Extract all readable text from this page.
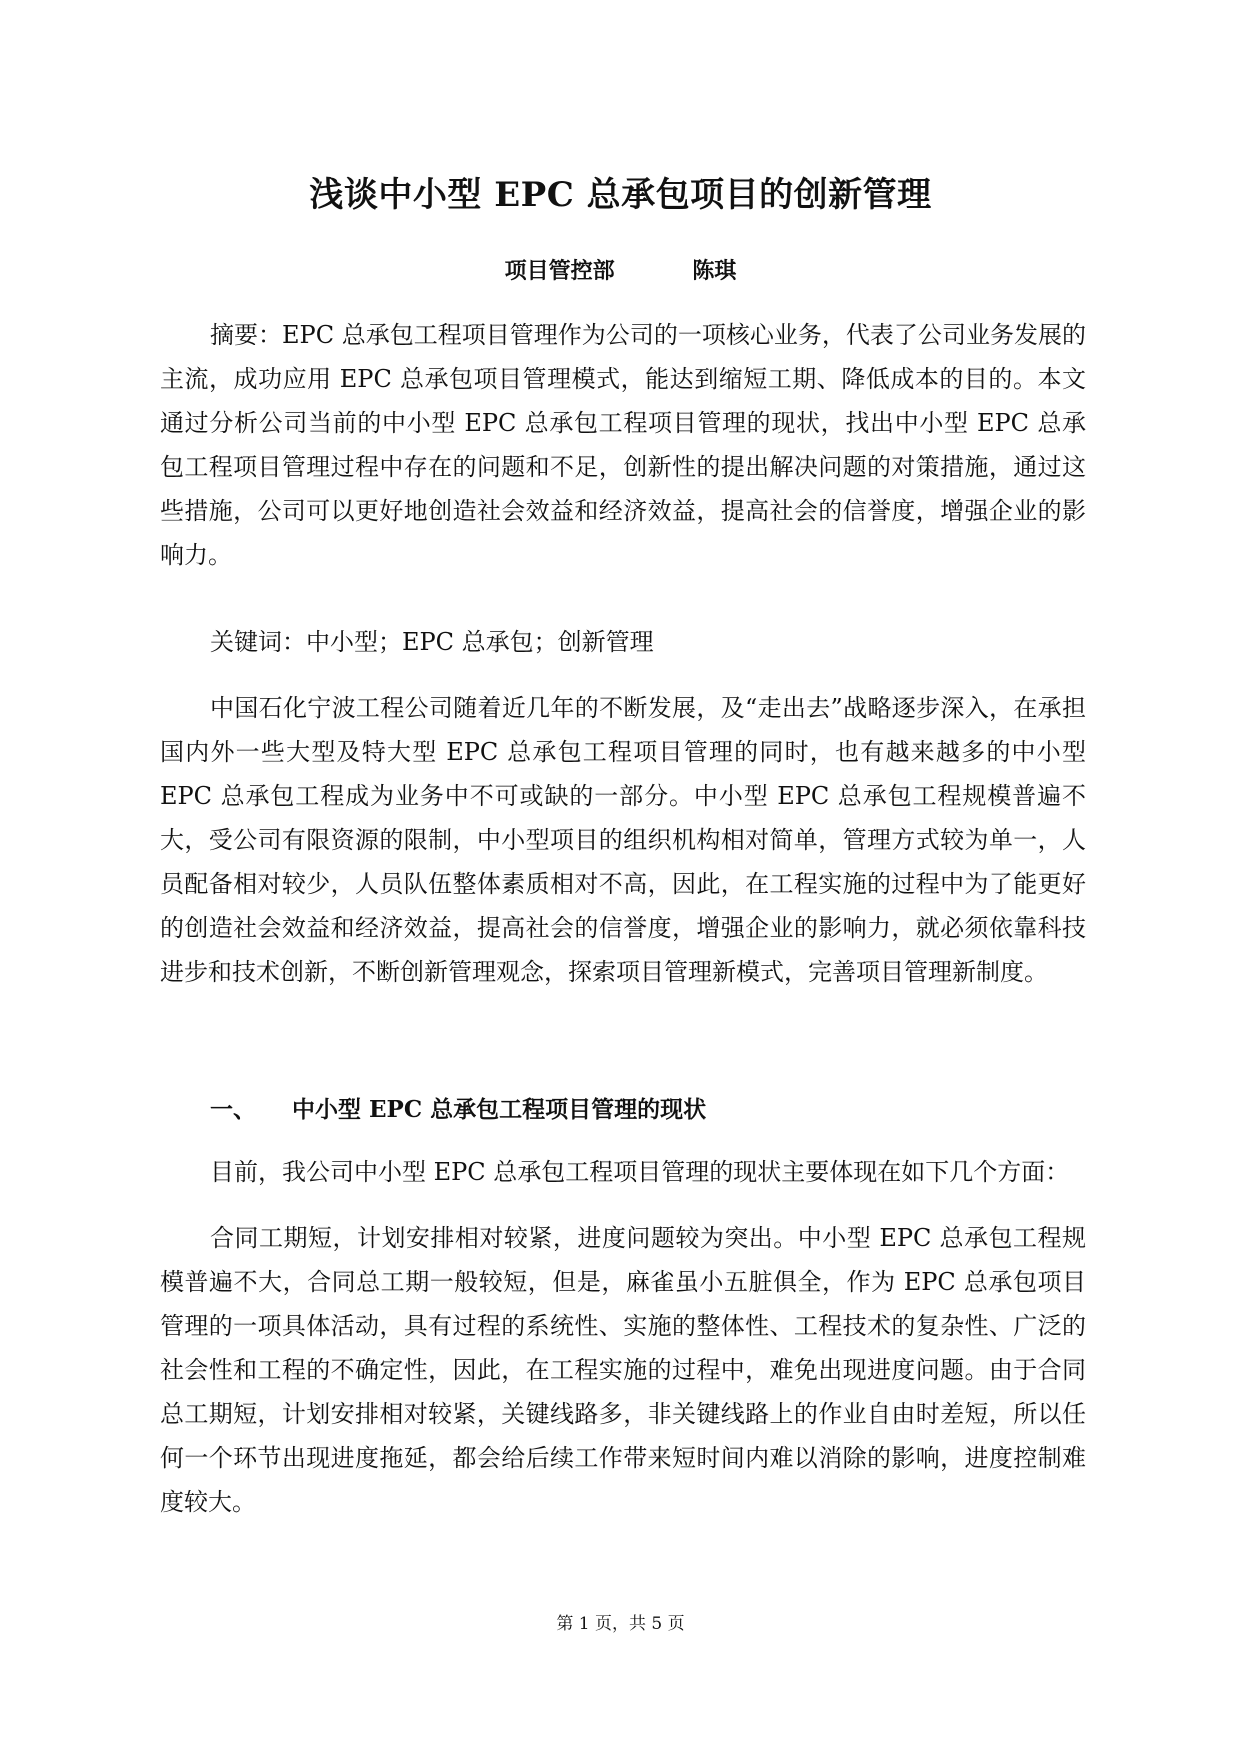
浅谈中小型 EPC 总承包项目的创新管理
项目管控部	陈琪

摘要：EPC 总承包工程项目管理作为公司的一项核心业务，代表了公司业务发展的主流，成功应用 EPC 总承包项目管理模式，能达到缩短工期、降低成本的目的。本文通过分析公司当前的中小型 EPC 总承包工程项目管理的现状，找出中小型 EPC 总承包工程项目管理过程中存在的问题和不足，创新性的提出解决问题的对策措施，通过这些措施，公司可以更好地创造社会效益和经济效益，提高社会的信誉度，增强企业的影响力。

关键词：中小型；EPC 总承包；创新管理

中国石化宁波工程公司随着近几年的不断发展，及“走出去”战略逐步深入，在承担国内外一些大型及特大型 EPC 总承包工程项目管理的同时，也有越来越多的中小型 EPC 总承包工程成为业务中不可或缺的一部分。中小型 EPC 总承包工程规模普遍不大，受公司有限资源的限制，中小型项目的组织机构相对简单，管理方式较为单一，人员配备相对较少，人员队伍整体素质相对不高，因此，在工程实施的过程中为了能更好的创造社会效益和经济效益，提高社会的信誉度，增强企业的影响力，就必须依靠科技进步和技术创新，不断创新管理观念，探索项目管理新模式，完善项目管理新制度。

一、 中小型 EPC 总承包工程项目管理的现状

目前，我公司中小型 EPC 总承包工程项目管理的现状主要体现在如下几个方面：

合同工期短，计划安排相对较紧，进度问题较为突出。中小型 EPC 总承包工程规模普遍不大，合同总工期一般较短，但是，麻雀虽小五脏俱全，作为 EPC 总承包项目管理的一项具体活动，具有过程的系统性、实施的整体性、工程技术的复杂性、广泛的社会性和工程的不确定性，因此，在工程实施的过程中，难免出现进度问题。由于合同总工期短，计划安排相对较紧，关键线路多，非关键线路上的作业自由时差短，所以任何一个环节出现进度拖延，都会给后续工作带来短时间内难以消除的影响，进度控制难度较大。

第 1 页，共 5 页
